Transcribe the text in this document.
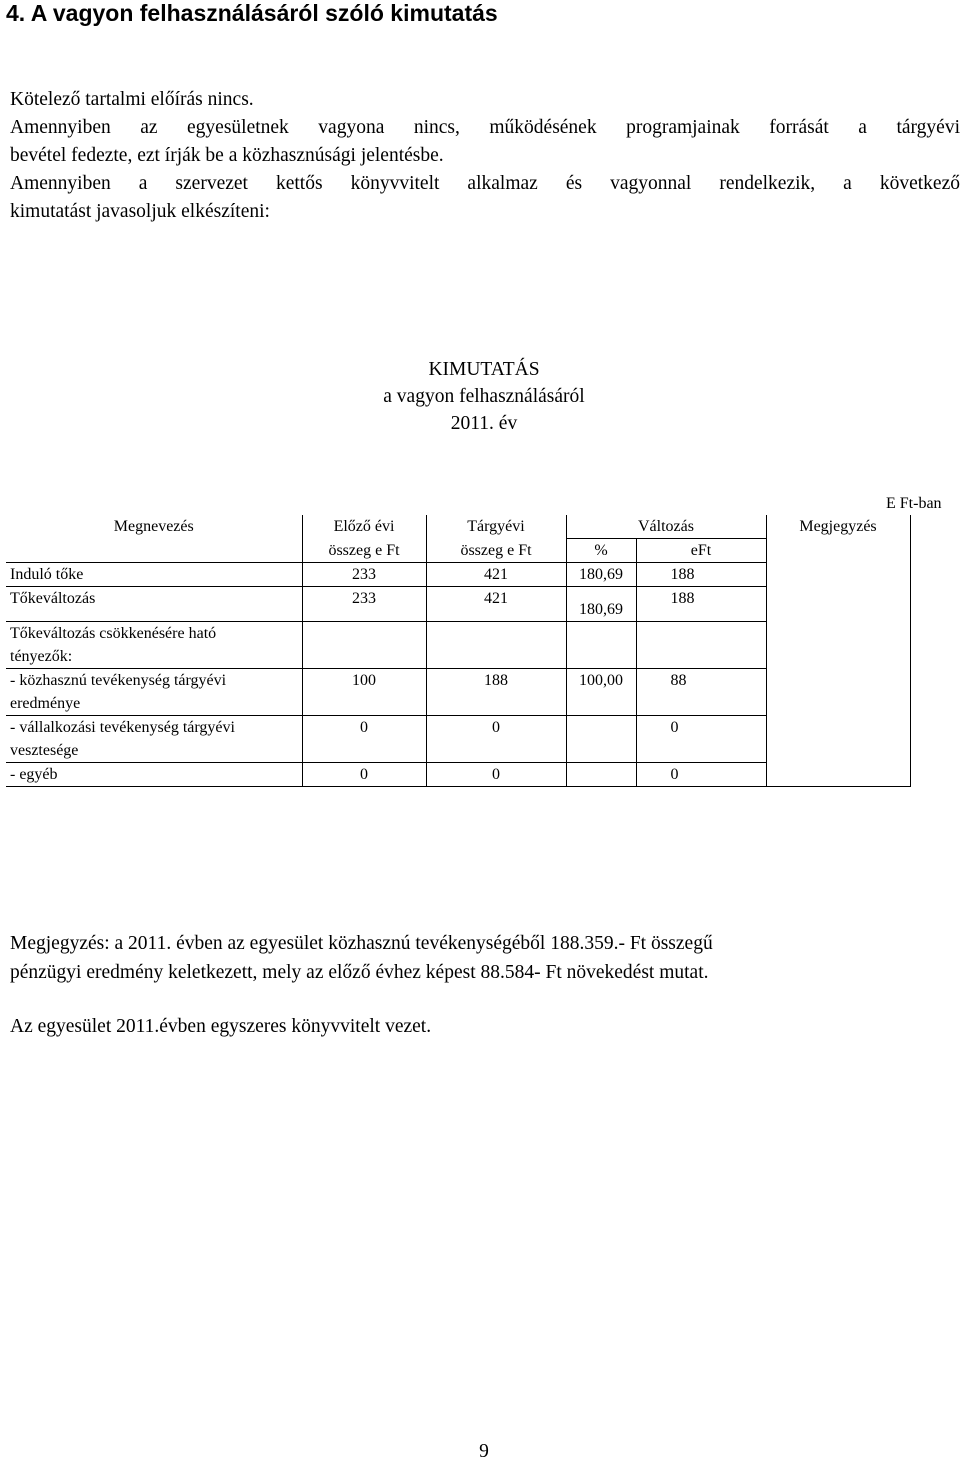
4. A vagyon felhasználásáról szóló kimutatás
Kötelező tartalmi előírás nincs.
Amennyiben az egyesületnek vagyona nincs, működésének programjainak forrását a tárgyévi
bevétel fedezte, ezt írják be a közhasznúsági jelentésbe.
Amennyiben a szervezet kettős könyvvitelt alkalmaz és vagyonnal rendelkezik, a következő
kimutatást javasoljuk elkészíteni:
KIMUTATÁS
a vagyon felhasználásáról
2011. év
E Ft-ban
Megnevezés	Előző évi	Tárgyévi	Változás		Megjegyzés
	összeg e Ft	összeg e Ft	%	eFt	
Induló tőke	233	421	180,69	188	
Tőkeváltozás	233	421	180,69	188	
Tőkeváltozás csökkenésére ható
tényezők:					
- közhasznú tevékenység tárgyévi
eredménye	100	188	100,00	88	
- vállalkozási tevékenység tárgyévi
vesztesége	0	0		0	
- egyéb	0	0		0	
Megjegyzés: a 2011. évben az egyesület közhasznú tevékenységéből 188.359.- Ft összegű
pénzügyi eredmény keletkezett, mely az előző évhez képest 88.584- Ft növekedést mutat.
Az egyesület 2011.évben egyszeres könyvvitelt vezet.
9
